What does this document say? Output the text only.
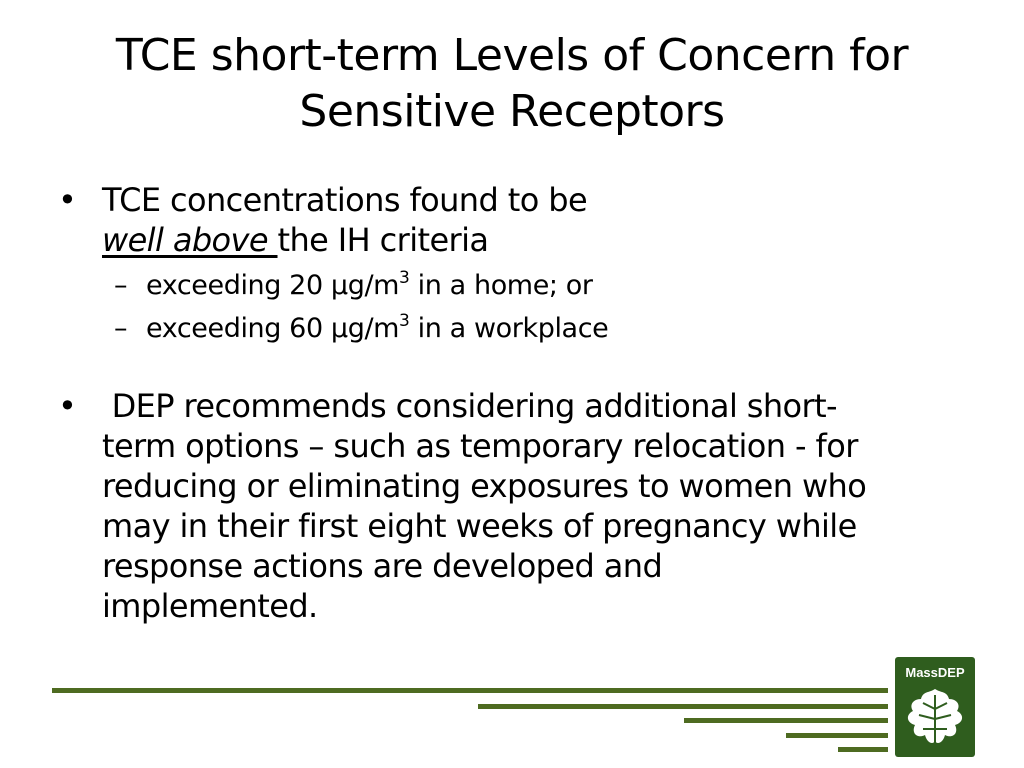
TCE short-term Levels of Concern for
Sensitive Receptors
• TCE concentrations found to be
well above the IH criteria
– exceeding 20 $\mu g/m^3$ in a home; or
– exceeding 60 $\mu g/m^3$ in a workplace
• DEP recommends considering additional short-
term options – such as temporary relocation - for
reducing or eliminating exposures to women who
may in their first eight weeks of pregnancy while
response actions are developed and
implemented.
MassDEP
